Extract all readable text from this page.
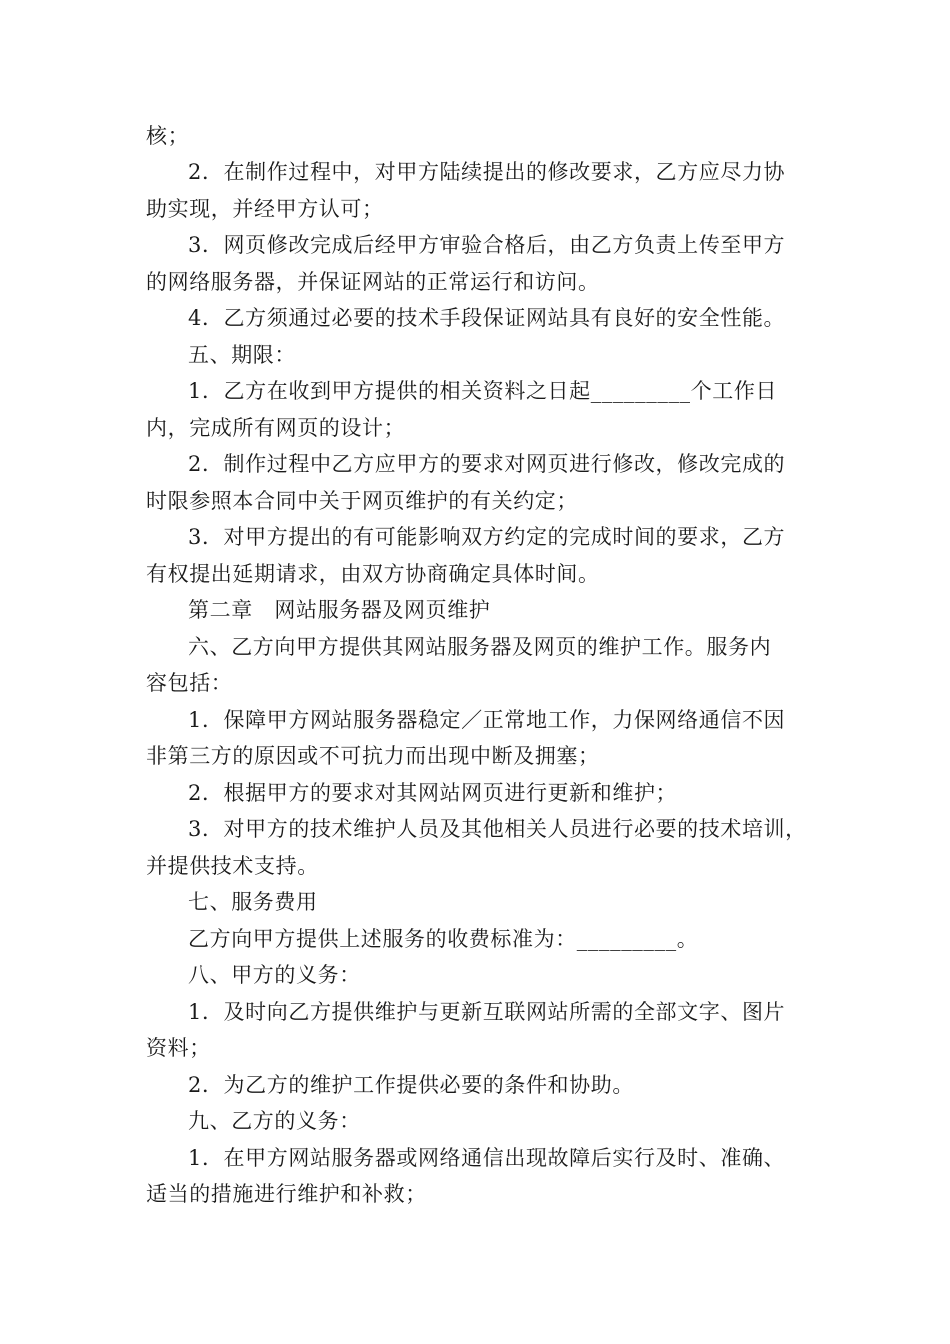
核；
2．在制作过程中，对甲方陆续提出的修改要求，乙方应尽力协
助实现，并经甲方认可；
3．网页修改完成后经甲方审验合格后，由乙方负责上传至甲方
的网络服务器，并保证网站的正常运行和访问。
4．乙方须通过必要的技术手段保证网站具有良好的安全性能。
五、期限：
1．乙方在收到甲方提供的相关资料之日起_________个工作日
内，完成所有网页的设计；
2．制作过程中乙方应甲方的要求对网页进行修改，修改完成的
时限参照本合同中关于网页维护的有关约定；
3．对甲方提出的有可能影响双方约定的完成时间的要求，乙方
有权提出延期请求，由双方协商确定具体时间。
第二章　网站服务器及网页维护
六、乙方向甲方提供其网站服务器及网页的维护工作。服务内
容包括：
1．保障甲方网站服务器稳定／正常地工作，力保网络通信不因
非第三方的原因或不可抗力而出现中断及拥塞；
2．根据甲方的要求对其网站网页进行更新和维护；
3．对甲方的技术维护人员及其他相关人员进行必要的技术培训，
并提供技术支持。
七、服务费用
乙方向甲方提供上述服务的收费标准为：_________。
八、甲方的义务：
1．及时向乙方提供维护与更新互联网站所需的全部文字、图片
资料；
2．为乙方的维护工作提供必要的条件和协助。
九、乙方的义务：
1．在甲方网站服务器或网络通信出现故障后实行及时、准确、
适当的措施进行维护和补救；
